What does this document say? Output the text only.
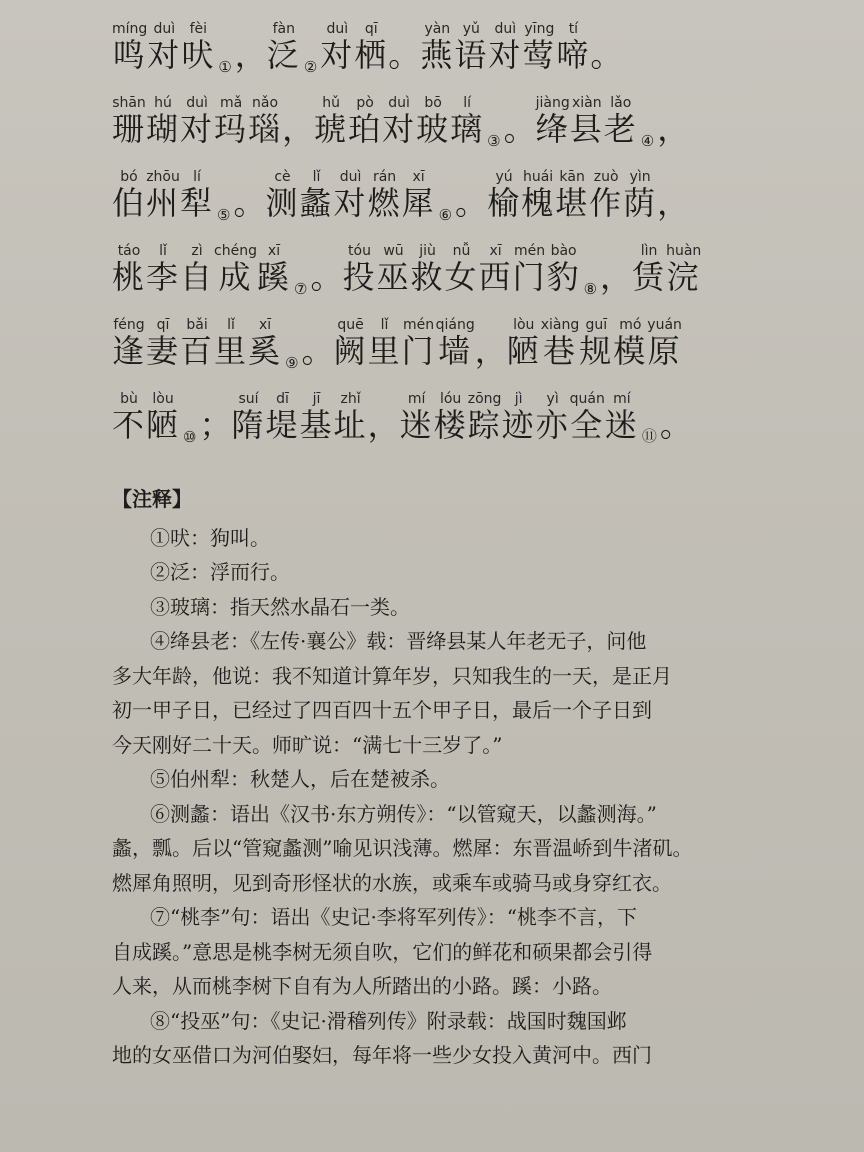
鸣míng
对duì
吠fèi
① ， 泛fàn
② 对duì
栖qī
。 燕yàn
语yǔ
对duì
莺yīng
啼tí
。
珊shān
瑚hú
对duì
玛mǎ
瑙nǎo
， 琥hǔ
珀pò
对duì
玻bō
璃lí
③ 。 绛jiàng
县xiàn
老lǎo
④ ，
伯bó
州zhōu
犁lí
⑤ 。 测cè
蠡lǐ
对duì
燃rán
犀xī
⑥ 。 榆yú
槐huái
堪kān
作zuò
荫yìn
，
桃táo
李lǐ
自zì
成chéng
蹊xī
⑦ 。 投tóu
巫wū
救jiù
女nǚ
西xī
门mén
豹bào
⑧ ， 赁lìn
浣huàn
逢féng
妻qī
百bǎi
里lǐ
奚xī
⑨ 。 阙quē
里lǐ
门mén
墙qiáng
， 陋lòu
巷xiàng
规guī
模mó
原yuán
不bù
陋lòu
⑩ ； 隋suí
堤dī
基jī
址zhǐ
， 迷mí
楼lóu
踪zōng
迹jì
亦yì
全quán
迷mí
⑪ 。
【注释】

①吠：狗叫。

②泛：浮而行。

③玻璃：指天然水晶石一类。

④绛县老：《左传·襄公》载：晋绛县某人年老无子，问他

多大年龄，他说：我不知道计算年岁，只知我生的一天，是正月

初一甲子日，已经过了四百四十五个甲子日，最后一个子日到

今天刚好二十天。师旷说：“满七十三岁了。”

⑤伯州犁：秋楚人，后在楚被杀。

⑥测蠡：语出《汉书·东方朔传》：“以管窥天，以蠡测海。”

蠡，瓢。后以“管窥蠡测”喻见识浅薄。燃犀：东晋温峤到牛渚矶。

燃犀角照明，见到奇形怪状的水族，或乘车或骑马或身穿红衣。

⑦“桃李”句：语出《史记·李将军列传》：“桃李不言，下

自成蹊。”意思是桃李树无须自吹，它们的鲜花和硕果都会引得

人来，从而桃李树下自有为人所踏出的小路。蹊：小路。

⑧“投巫”句：《史记·滑稽列传》附录载：战国时魏国邺

地的女巫借口为河伯娶妇，每年将一些少女投入黄河中。西门
